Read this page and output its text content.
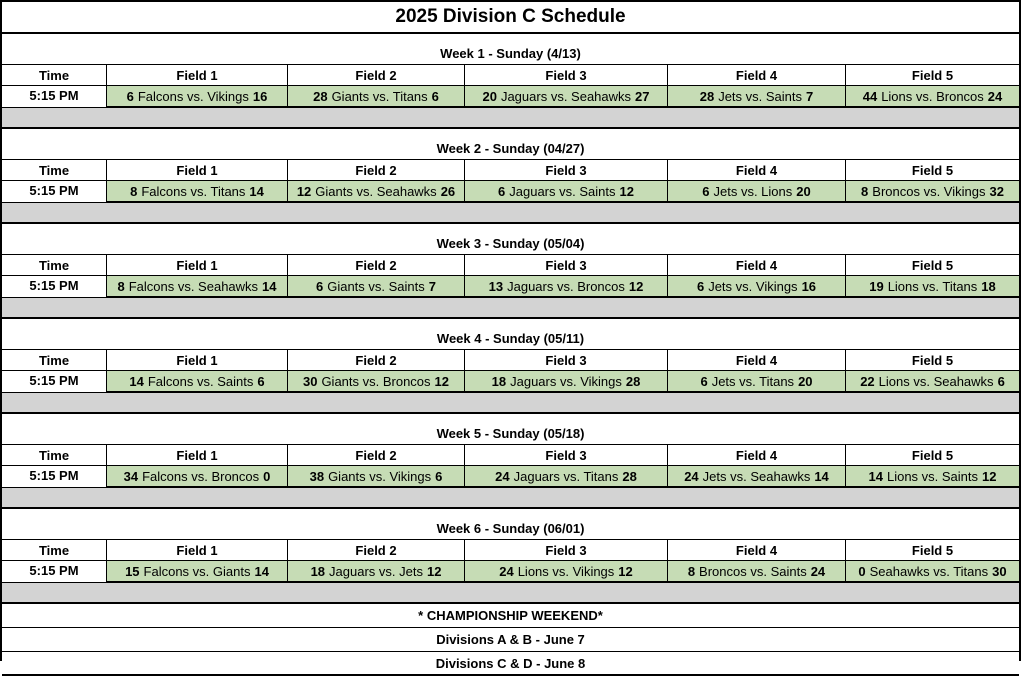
2025 Division C Schedule
Week 1 - Sunday (4/13)
Time	Field 1	Field 2	Field 3	Field 4	Field 5
5:15 PM	6 Falcons vs. Vikings 16	28 Giants vs. Titans 6	20 Jaguars vs. Seahawks 27	28 Jets vs. Saints 7	44 Lions vs. Broncos 24
Week 2 - Sunday (04/27)
Time	Field 1	Field 2	Field 3	Field 4	Field 5
5:15 PM	8 Falcons vs. Titans 14	12 Giants vs. Seahawks 26	6 Jaguars vs. Saints 12	6 Jets vs. Lions 20	8 Broncos vs. Vikings 32
Week 3 - Sunday (05/04)
Time	Field 1	Field 2	Field 3	Field 4	Field 5
5:15 PM	8 Falcons vs. Seahawks 14	6 Giants vs. Saints 7	13 Jaguars vs. Broncos 12	6 Jets vs. Vikings 16	19 Lions vs. Titans 18
Week 4 - Sunday (05/11)
Time	Field 1	Field 2	Field 3	Field 4	Field 5
5:15 PM	14 Falcons vs. Saints 6	30 Giants vs. Broncos 12	18 Jaguars vs. Vikings 28	6 Jets vs. Titans 20	22 Lions vs. Seahawks 6
Week 5 - Sunday (05/18)
Time	Field 1	Field 2	Field 3	Field 4	Field 5
5:15 PM	34 Falcons vs. Broncos 0	38 Giants vs. Vikings 6	24 Jaguars vs. Titans 28	24 Jets vs. Seahawks 14	14 Lions vs. Saints 12
Week 6 - Sunday (06/01)
Time	Field 1	Field 2	Field 3	Field 4	Field 5
5:15 PM	15 Falcons vs. Giants 14	18 Jaguars vs. Jets 12	24 Lions vs. Vikings 12	8 Broncos vs. Saints 24	0 Seahawks vs. Titans 30
* CHAMPIONSHIP WEEKEND*
Divisions A & B - June 7
Divisions C & D - June 8
